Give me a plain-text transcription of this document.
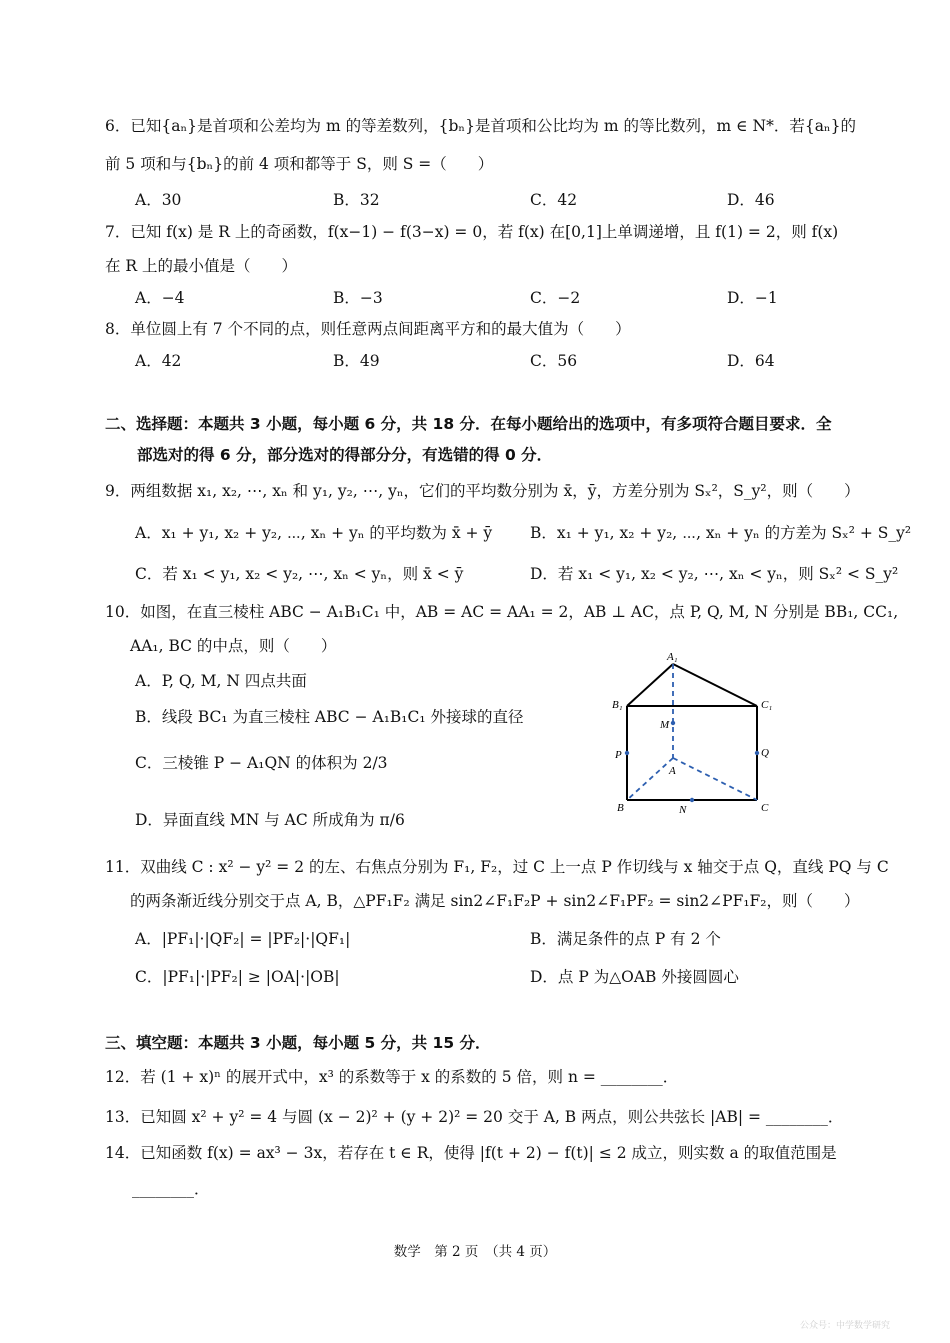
6．已知{aₙ}是首项和公差均为 m 的等差数列，{bₙ}是首项和公比均为 m 的等比数列，m ∈ N*．若{aₙ}的
前 5 项和与{bₙ}的前 4 项和都等于 S，则 S =（　　）
A．30	B．32	C．42	D．46
7．已知 f(x) 是 R 上的奇函数，f(x−1) − f(3−x) = 0，若 f(x) 在[0,1]上单调递增，且 f(1) = 2，则 f(x)
在 R 上的最小值是（　　）
A．−4	B．−3	C．−2	D．−1
8．单位圆上有 7 个不同的点，则任意两点间距离平方和的最大值为（　　）
A．42	B．49	C．56	D．64
二、选择题：本题共 3 小题，每小题 6 分，共 18 分．在每小题给出的选项中，有多项符合题目要求．全
部选对的得 6 分，部分选对的得部分分，有选错的得 0 分．
9．两组数据 x₁, x₂, ⋯, xₙ 和 y₁, y₂, ⋯, yₙ，它们的平均数分别为 x̄，ȳ，方差分别为 Sₓ²，S_y²，则（　　）
A．x₁ + y₁, x₂ + y₂, ⋯, xₙ + yₙ 的平均数为 x̄ + ȳ B．x₁ + y₁, x₂ + y₂, ⋯, xₙ + yₙ 的方差为 Sₓ² + S_y²
C．若 x₁ < y₁, x₂ < y₂, ⋯, xₙ < yₙ，则 x̄ < ȳ	D．若 x₁ < y₁, x₂ < y₂, ⋯, xₙ < yₙ，则 Sₓ² < S_y²
10．如图，在直三棱柱 ABC − A₁B₁C₁ 中，AB = AC = AA₁ = 2，AB ⊥ AC，点 P, Q, M, N 分别是 BB₁, CC₁,
AA₁, BC 的中点，则（　　）
A．P, Q, M, N 四点共面
B．线段 BC₁ 为直三棱柱 ABC − A₁B₁C₁ 外接球的直径
C．三棱锥 P − A₁QN 的体积为 2/3
D．异面直线 MN 与 AC 所成角为 π/6
A₁
B₁	C₁
M
P	Q
A
B	N	C
11．双曲线 C : x² − y² = 2 的左、右焦点分别为 F₁, F₂，过 C 上一点 P 作切线与 x 轴交于点 Q，直线 PQ 与 C
的两条渐近线分别交于点 A, B，△PF₁F₂ 满足 sin2∠F₁F₂P + sin2∠F₁PF₂ = sin2∠PF₁F₂，则（　　）
A．|PF₁|·|QF₂| = |PF₂|·|QF₁|	B．满足条件的点 P 有 2 个
C．|PF₁|·|PF₂| ≥ |OA|·|OB|	D．点 P 为△OAB 外接圆圆心
三、填空题：本题共 3 小题，每小题 5 分，共 15 分．
12．若 (1 + x)ⁿ 的展开式中，x³ 的系数等于 x 的系数的 5 倍，则 n = ________．
13．已知圆 x² + y² = 4 与圆 (x − 2)² + (y + 2)² = 20 交于 A, B 两点，则公共弦长 |AB| = ________．
14．已知函数 f(x) = ax³ − 3x，若存在 t ∈ R，使得 |f(t + 2) − f(t)| ≤ 2 成立，则实数 a 的取值范围是
________．
数学　第 2 页　（共 4 页）
公众号：中学数学研究
